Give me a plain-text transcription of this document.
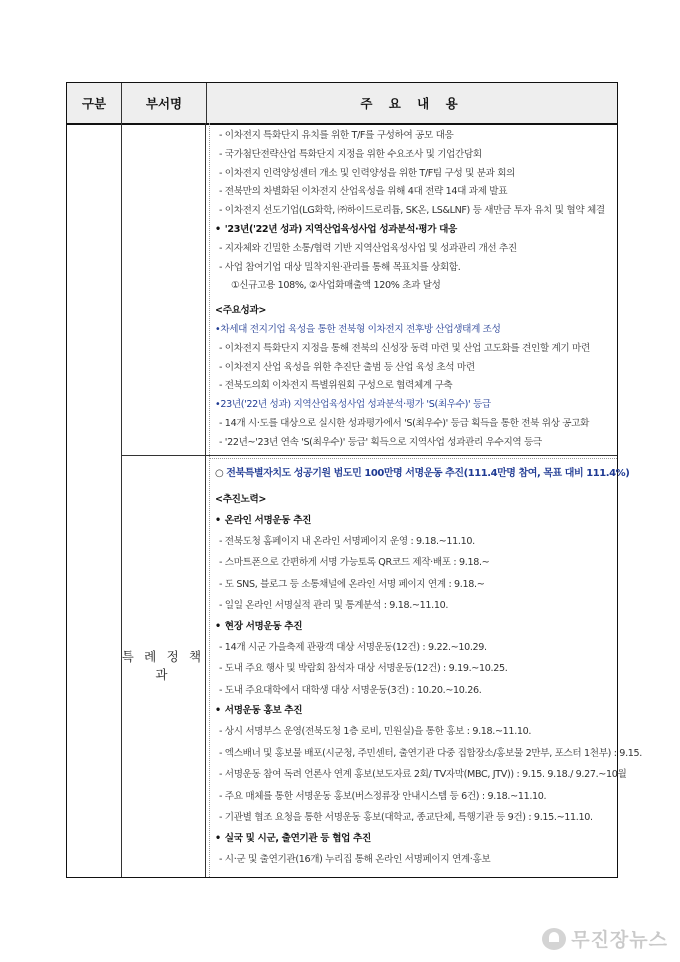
구분	부서명	주 요 내 용
특 례 정 책 과
- 이차전지 특화단지 유치를 위한 T/F를 구성하여 공모 대응
- 국가첨단전략산업 특화단지 지정을 위한 수요조사 및 기업간담회
- 이차전지 인력양성센터 개소 및 인력양성을 위한 T/F팀 구성 및 분과 회의
- 전북만의 차별화된 이차전지 산업육성을 위해 4대 전략 14대 과제 발표
- 이차전지 선도기업(LG화학, ㈜하이드로리튬, SK온, LS&LNF) 등 새만금 투자 유치 및 협약 체결
• '23년('22년 성과) 지역산업육성사업 성과분석·평가 대응
- 지자체와 긴밀한 소통/협력 기반 지역산업육성사업 및 성과관리 개선 추진
- 사업 참여기업 대상 밀착지원·관리를 통해 목표치를 상회함.
①신규고용 108%, ②사업화매출액 120% 초과 달성
<주요성과>
•차세대 전지기업 육성을 통한 전북형 이차전지 전후방 산업생태계 조성
- 이차전지 특화단지 지정을 통해 전북의 신성장 동력 마련 및 산업 고도화를 견인할 계기 마련
- 이차전지 산업 육성을 위한 추진단 출범 등 산업 육성 초석 마련
- 전북도의회 이차전지 특별위원회 구성으로 협력체계 구축
•23년('22년 성과) 지역산업육성사업 성과분석·평가 'S(최우수)' 등급
- 14개 시·도를 대상으로 실시한 성과평가에서 'S(최우수)' 등급 획득을 통한 전북 위상 공고화
- '22년~'23년 연속 'S(최우수)' 등급' 획득으로 지역사업 성과관리 우수지역 등극
○ 전북특별자치도 성공기원 범도민 100만명 서명운동 추진(111.4만명 참여, 목표 대비 111.4%)
<추진노력>
• 온라인 서명운동 추진
- 전북도청 홈페이지 내 온라인 서명페이지 운영 : 9.18.~11.10.
- 스마트폰으로 간편하게 서명 가능토록 QR코드 제작·배포 : 9.18.~
- 도 SNS, 블로그 등 소통채널에 온라인 서명 페이지 연계 : 9.18.~
- 일일 온라인 서명실적 관리 및 통계분석 : 9.18.~11.10.
• 현장 서명운동 추진
- 14개 시군 가을축제 관광객 대상 서명운동(12건) : 9.22.~10.29.
- 도내 주요 행사 및 박람회 참석자 대상 서명운동(12건) : 9.19.~10.25.
- 도내 주요대학에서 대학생 대상 서명운동(3건) : 10.20.~10.26.
• 서명운동 홍보 추진
- 상시 서명부스 운영(전북도청 1층 로비, 민원실)을 통한 홍보 : 9.18.~11.10.
- 엑스배너 및 홍보물 배포(시군청, 주민센터, 출연기관 다중 집합장소/홍보물 2만부, 포스터 1천부) : 9.15.
- 서명운동 참여 독려 언론사 연계 홍보(보도자료 2회/ TV자막(MBC, JTV)) : 9.15. 9.18./ 9.27.~10월
- 주요 매체를 통한 서명운동 홍보(버스정류장 안내시스템 등 6건) : 9.18.~11.10.
- 기관별 협조 요청을 통한 서명운동 홍보(대학교, 종교단체, 특행기관 등 9건) : 9.15.~11.10.
• 실국 및 시군, 출연기관 등 협업 추진
- 시·군 및 출연기관(16개) 누리집 통해 온라인 서명페이지 연계·홍보
무진장뉴스
